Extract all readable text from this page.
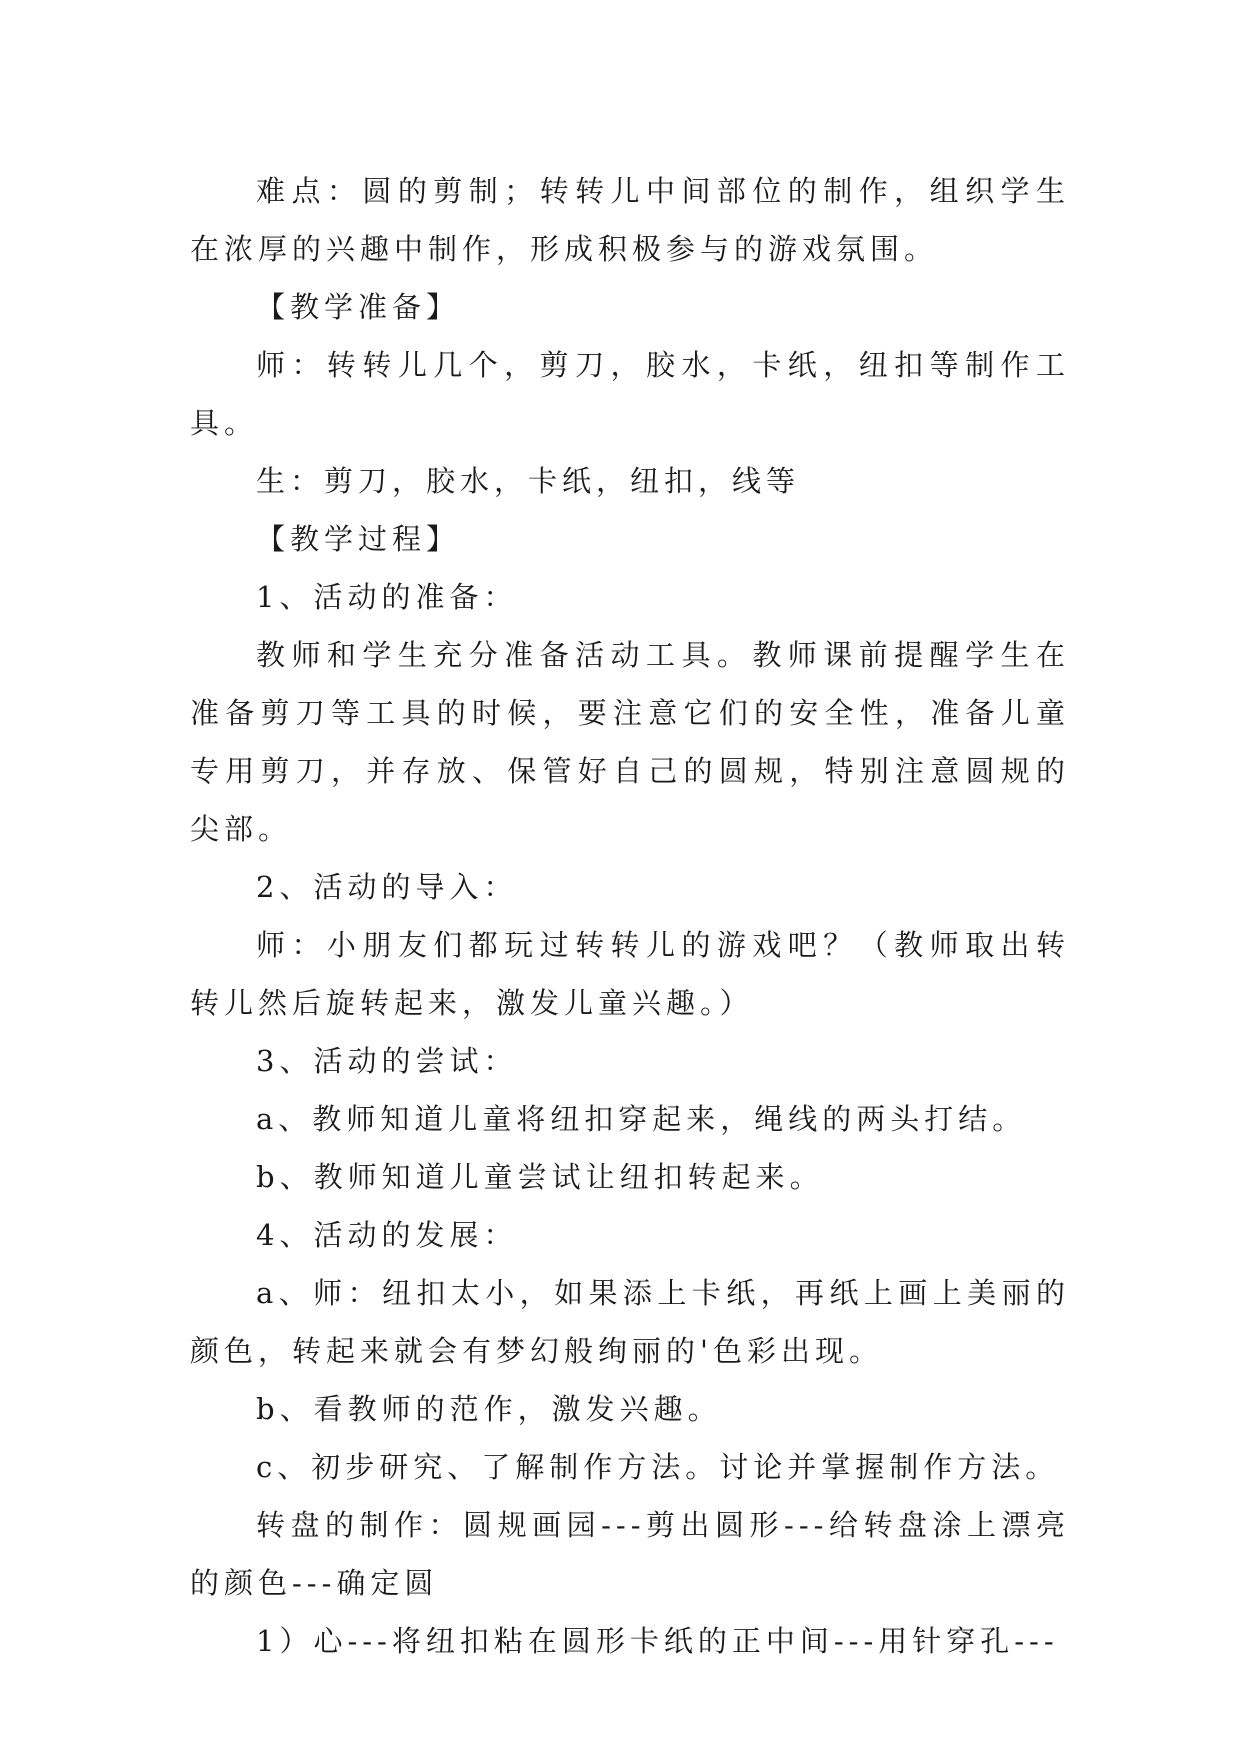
难点：圆的剪制；转转儿中间部位的制作，组织学生在浓厚的兴趣中制作，形成积极参与的游戏氛围。

【教学准备】

师：转转儿几个，剪刀，胶水，卡纸，纽扣等制作工具。

生：剪刀，胶水，卡纸，纽扣，线等

【教学过程】

1、活动的准备：

教师和学生充分准备活动工具。教师课前提醒学生在准备剪刀等工具的时候，要注意它们的安全性，准备儿童专用剪刀，并存放、保管好自己的圆规，特别注意圆规的尖部。

2、活动的导入：

师：小朋友们都玩过转转儿的游戏吧？（教师取出转转儿然后旋转起来，激发儿童兴趣。）

3、活动的尝试：

a、教师知道儿童将纽扣穿起来，绳线的两头打结。

b、教师知道儿童尝试让纽扣转起来。

4、活动的发展：

a、师：纽扣太小，如果添上卡纸，再纸上画上美丽的颜色，转起来就会有梦幻般绚丽的'色彩出现。

b、看教师的范作，激发兴趣。

c、初步研究、了解制作方法。讨论并掌握制作方法。

转盘的制作：圆规画园---剪出圆形---给转盘涂上漂亮的颜色---确定圆

1）心---将纽扣粘在圆形卡纸的正中间---用针穿孔---
